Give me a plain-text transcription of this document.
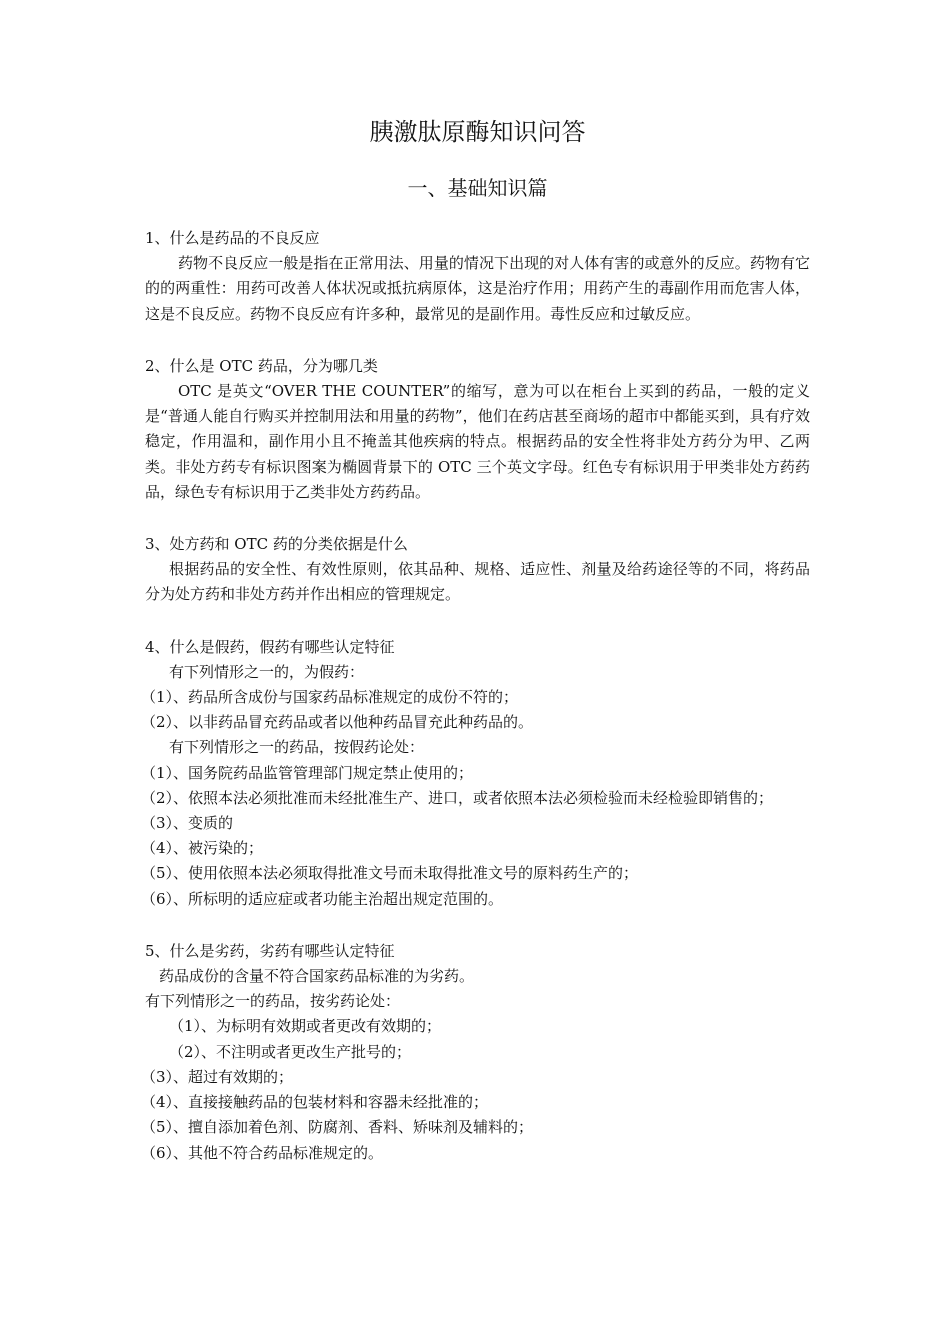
胰激肽原酶知识问答
一、基础知识篇
1、什么是药品的不良反应
药物不良反应一般是指在正常用法、用量的情况下出现的对人体有害的或意外的反应。药物有它的的两重性：用药可改善人体状况或抵抗病原体，这是治疗作用；用药产生的毒副作用而危害人体，这是不良反应。药物不良反应有许多种，最常见的是副作用。毒性反应和过敏反应。
2、什么是 OTC 药品，分为哪几类
OTC 是英文“OVER THE COUNTER”的缩写，意为可以在柜台上买到的药品，一般的定义是“普通人能自行购买并控制用法和用量的药物”，他们在药店甚至商场的超市中都能买到，具有疗效稳定，作用温和，副作用小且不掩盖其他疾病的特点。根据药品的安全性将非处方药分为甲、乙两类。非处方药专有标识图案为椭圆背景下的 OTC 三个英文字母。红色专有标识用于甲类非处方药药品，绿色专有标识用于乙类非处方药药品。
3、处方药和 OTC 药的分类依据是什么
根据药品的安全性、有效性原则，依其品种、规格、适应性、剂量及给药途径等的不同，将药品分为处方药和非处方药并作出相应的管理规定。
4、什么是假药，假药有哪些认定特征
有下列情形之一的，为假药：
（1）、药品所含成份与国家药品标准规定的成份不符的；
（2）、以非药品冒充药品或者以他种药品冒充此种药品的。
有下列情形之一的药品，按假药论处：
（1）、国务院药品监管管理部门规定禁止使用的；
（2）、依照本法必须批准而未经批准生产、进口，或者依照本法必须检验而未经检验即销售的；
（3）、变质的
（4）、被污染的；
（5）、使用依照本法必须取得批准文号而未取得批准文号的原料药生产的；
（6）、所标明的适应症或者功能主治超出规定范围的。
5、什么是劣药，劣药有哪些认定特征
药品成份的含量不符合国家药品标准的为劣药。
有下列情形之一的药品，按劣药论处：
（1）、为标明有效期或者更改有效期的；
（2）、不注明或者更改生产批号的；
（3）、超过有效期的；
（4）、直接接触药品的包装材料和容器未经批准的；
（5）、擅自添加着色剂、防腐剂、香料、矫味剂及辅料的；
（6）、其他不符合药品标准规定的。
